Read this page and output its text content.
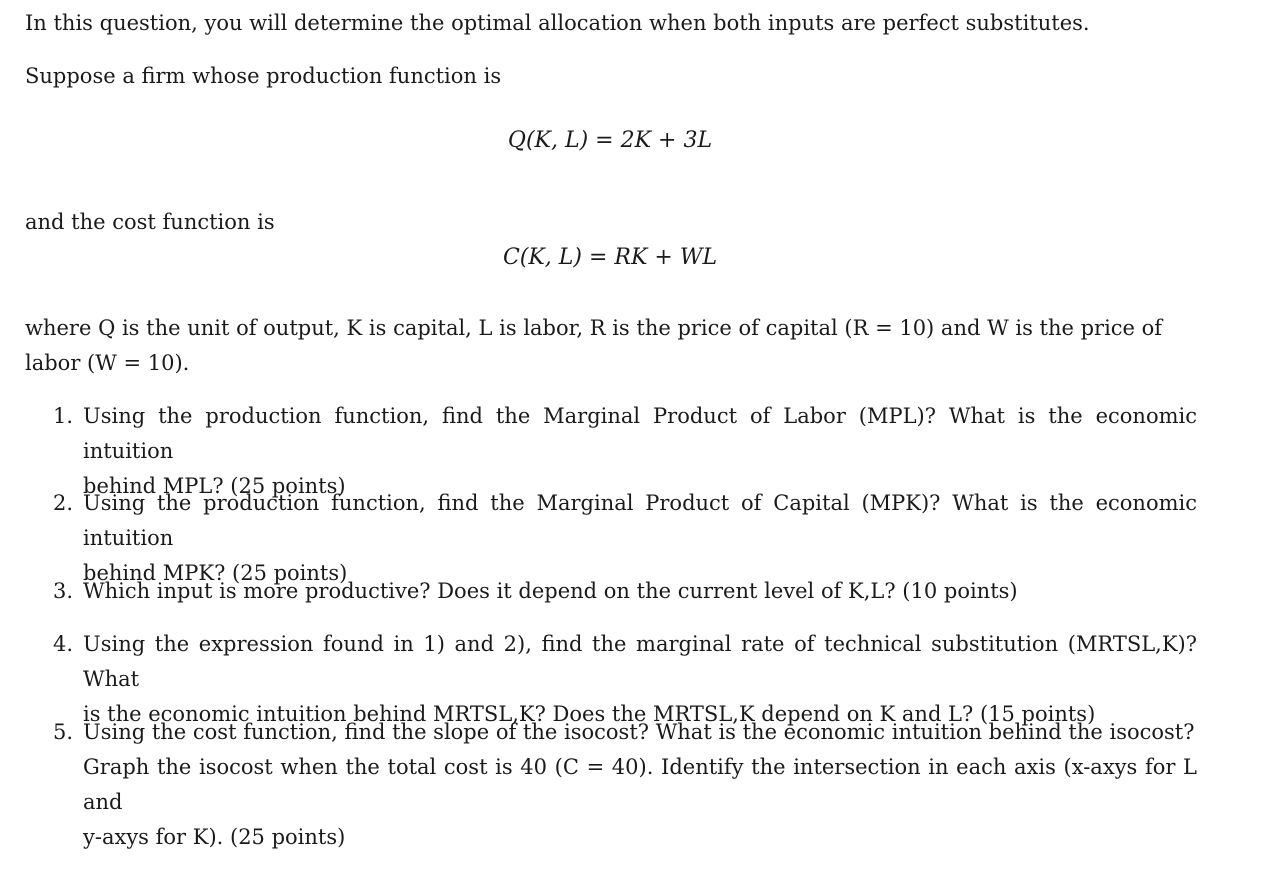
In this question, you will determine the optimal allocation when both inputs are perfect substitutes.
Suppose a firm whose production function is
Q(K, L) = 2K + 3L
and the cost function is
C(K, L) = RK + WL
where Q is the unit of output, K is capital, L is labor, R is the price of capital (R = 10) and W is the price of
labor (W = 10).
1. Using the production function, find the Marginal Product of Labor (MPL)? What is the economic intuition
behind MPL? (25 points)
2. Using the production function, find the Marginal Product of Capital (MPK)? What is the economic intuition
behind MPK? (25 points)
3. Which input is more productive? Does it depend on the current level of K,L? (10 points)
4. Using the expression found in 1) and 2), find the marginal rate of technical substitution (MRTSL,K)? What
is the economic intuition behind MRTSL,K? Does the MRTSL,K depend on K and L? (15 points)
5. Using the cost function, find the slope of the isocost? What is the economic intuition behind the isocost?
Graph the isocost when the total cost is 40 (C = 40). Identify the intersection in each axis (x-axys for L and
y-axys for K). (25 points)
